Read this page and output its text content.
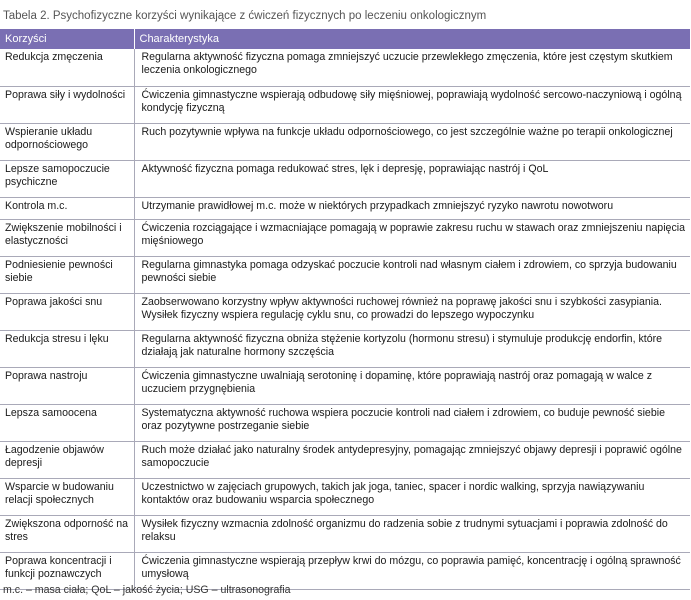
Tabela 2. Psychofizyczne korzyści wynikające z ćwiczeń fizycznych po leczeniu onkologicznym
Korzyści	Charakterystyka
Redukcja zmęczenia	Regularna aktywność fizyczna pomaga zmniejszyć uczucie przewlekłego zmęczenia, które jest częstym skutkiem leczenia onkologicznego
Poprawa siły i wydolności	Ćwiczenia gimnastyczne wspierają odbudowę siły mięśniowej, poprawiają wydolność sercowo-naczyniową i ogólną kondycję fizyczną
Wspieranie układu odpornościowego	Ruch pozytywnie wpływa na funkcje układu odpornościowego, co jest szczególnie ważne po terapii onkologicznej
Lepsze samopoczucie psychiczne	Aktywność fizyczna pomaga redukować stres, lęk i depresję, poprawiając nastrój i QoL
Kontrola m.c.	Utrzymanie prawidłowej m.c. może w niektórych przypadkach zmniejszyć ryzyko nawrotu nowotworu
Zwiększenie mobilności i elastyczności	Ćwiczenia rozciągające i wzmacniające pomagają w poprawie zakresu ruchu w stawach oraz zmniejszeniu napięcia mięśniowego
Podniesienie pewności siebie	Regularna gimnastyka pomaga odzyskać poczucie kontroli nad własnym ciałem i zdrowiem, co sprzyja budowaniu pewności siebie
Poprawa jakości snu	Zaobserwowano korzystny wpływ aktywności ruchowej również na poprawę jakości snu i szybkości zasypiania. Wysiłek fizyczny wspiera regulację cyklu snu, co prowadzi do lepszego wypoczynku
Redukcja stresu i lęku	Regularna aktywność fizyczna obniża stężenie kortyzolu (hormonu stresu) i stymuluje produkcję endorfin, które działają jak naturalne hormony szczęścia
Poprawa nastroju	Ćwiczenia gimnastyczne uwalniają serotoninę i dopaminę, które poprawiają nastrój oraz pomagają w walce z uczuciem przygnębienia
Lepsza samoocena	Systematyczna aktywność ruchowa wspiera poczucie kontroli nad ciałem i zdrowiem, co buduje pewność siebie oraz pozytywne postrzeganie siebie
Łagodzenie objawów depresji	Ruch może działać jako naturalny środek antydepresyjny, pomagając zmniejszyć objawy depresji i poprawić ogólne samopoczucie
Wsparcie w budowaniu relacji społecznych	Uczestnictwo w zajęciach grupowych, takich jak joga, taniec, spacer i nordic walking, sprzyja nawiązywaniu kontaktów oraz budowaniu wsparcia społecznego
Zwiększona odporność na stres	Wysiłek fizyczny wzmacnia zdolność organizmu do radzenia sobie z trudnymi sytuacjami i poprawia zdolność do relaksu
Poprawa koncentracji i funkcji poznawczych	Ćwiczenia gimnastyczne wspierają przepływ krwi do mózgu, co poprawia pamięć, koncentrację i ogólną sprawność umysłową
m.c. – masa ciała; QoL – jakość życia; USG – ultrasonografia
